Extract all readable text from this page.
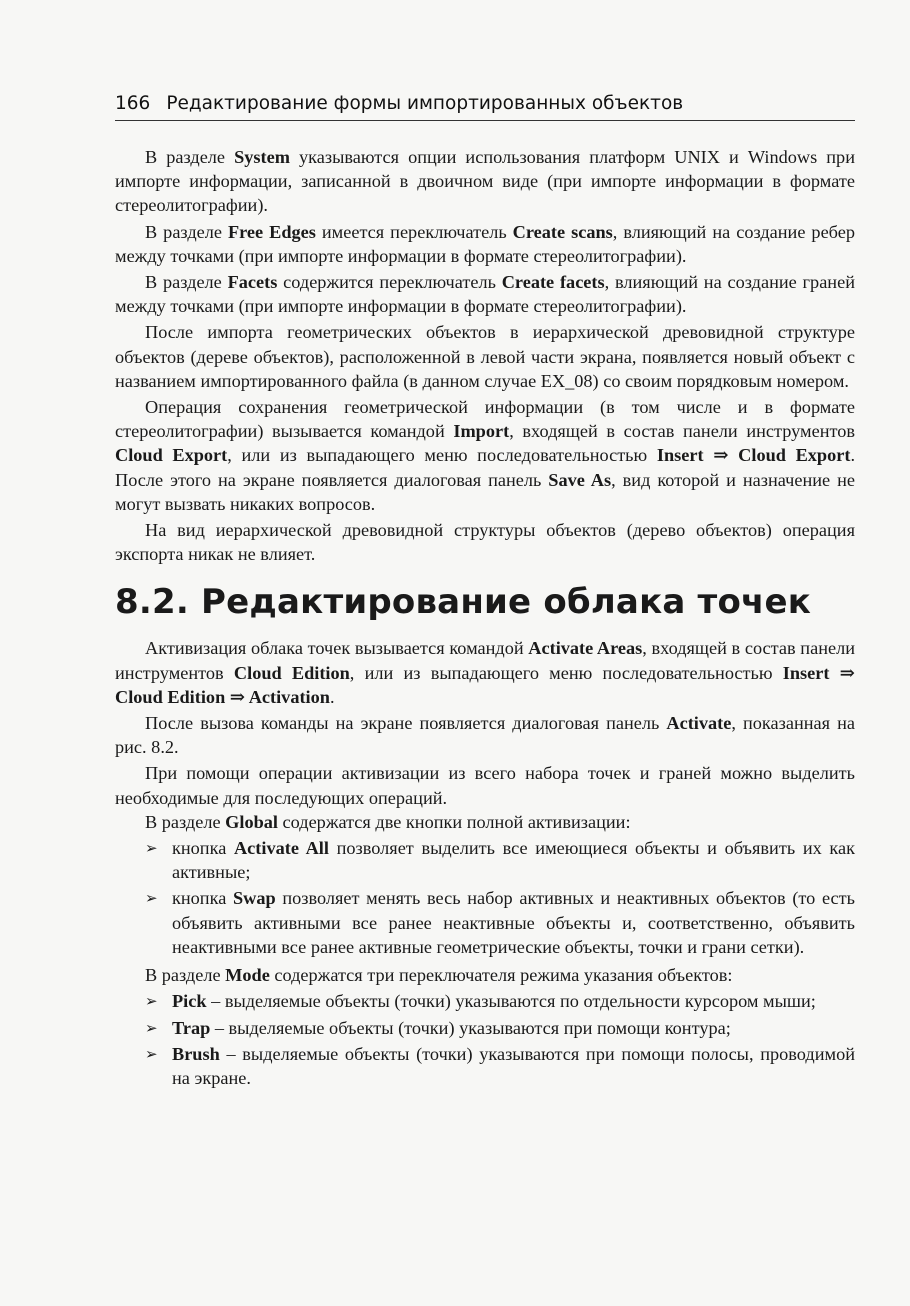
166 Редактирование формы импортированных объектов

В разделе System указываются опции использования платформ UNIX и Windows при импорте информации, записанной в двоичном виде (при импорте информации в формате стереолитографии).

В разделе Free Edges имеется переключатель Create scans, влияющий на создание ребер между точками (при импорте информации в формате стереолитографии).

В разделе Facets содержится переключатель Create facets, влияющий на создание граней между точками (при импорте информации в формате стереолитографии).

После импорта геометрических объектов в иерархической древовидной структуре объектов (дереве объектов), расположенной в левой части экрана, появляется новый объект с названием импортированного файла (в данном случае EX_08) со своим порядковым номером.

Операция сохранения геометрической информации (в том числе и в формате стереолитографии) вызывается командой Import, входящей в состав панели инструментов Cloud Export, или из выпадающего меню последовательностью Insert ⇒ Cloud Export. После этого на экране появляется диалоговая панель Save As, вид которой и назначение не могут вызвать никаких вопросов.

На вид иерархической древовидной структуры объектов (дерево объектов) операция экспорта никак не влияет.

8.2. Редактирование облака точек

Активизация облака точек вызывается командой Activate Areas, входящей в состав панели инструментов Cloud Edition, или из выпадающего меню последовательностью Insert ⇒ Cloud Edition ⇒ Activation.

После вызова команды на экране появляется диалоговая панель Activate, показанная на рис. 8.2.

При помощи операции активизации из всего набора точек и граней можно выделить необходимые для последующих операций.

В разделе Global содержатся две кнопки полной активизации:

➢ кнопка Activate All позволяет выделить все имеющиеся объекты и объявить их как активные;
➢ кнопка Swap позволяет менять весь набор активных и неактивных объектов (то есть объявить активными все ранее неактивные объекты и, соответственно, объявить неактивными все ранее активные геометрические объекты, точки и грани сетки).

В разделе Mode содержатся три переключателя режима указания объектов:

➢ Pick – выделяемые объекты (точки) указываются по отдельности курсором мыши;
➢ Trap – выделяемые объекты (точки) указываются при помощи контура;
➢ Brush – выделяемые объекты (точки) указываются при помощи полосы, проводимой на экране.
